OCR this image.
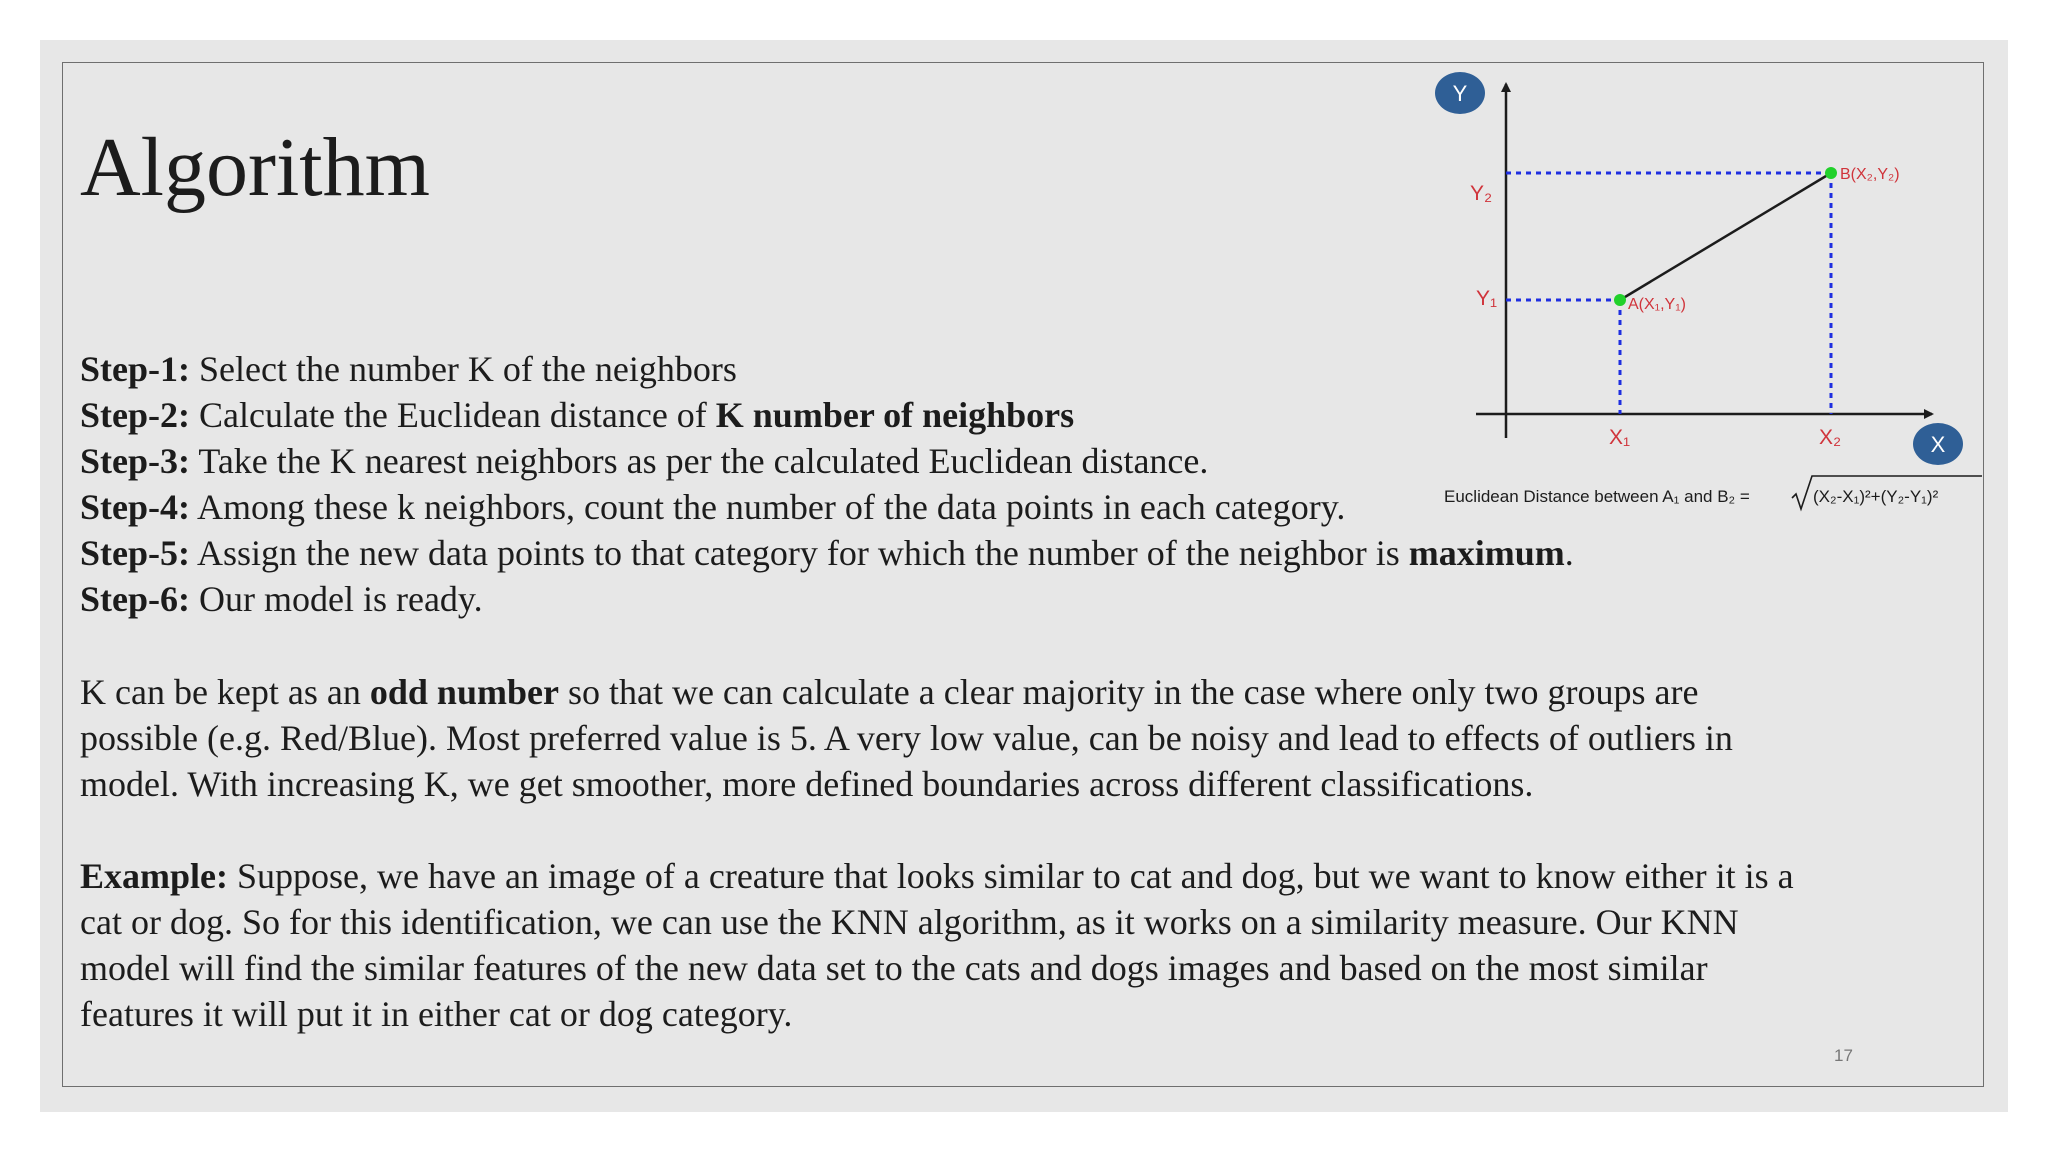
Algorithm
Step-1: Select the number K of the neighbors
Step-2: Calculate the Euclidean distance of K number of neighbors
Step-3: Take the K nearest neighbors as per the calculated Euclidean distance.
Step-4: Among these k neighbors, count the number of the data points in each category.
Step-5: Assign the new data points to that category for which the number of the neighbor is maximum.
Step-6: Our model is ready.
K can be kept as an odd number so that we can calculate a clear majority in the case where only two groups are
possible (e.g. Red/Blue). Most preferred value is 5. A very low value, can be noisy and lead to effects of outliers in
model. With increasing K, we get smoother, more defined boundaries across different classifications.
Example: Suppose, we have an image of a creature that looks similar to cat and dog, but we want to know either it is a
cat or dog. So for this identification, we can use the KNN algorithm, as it works on a similarity measure. Our KNN
model will find the similar features of the new data set to the cats and dogs images and based on the most similar
features it will put it in either cat or dog category.
17
Y
X
Y₂
Y₁
X₁	X₂
A(X₁,Y₁)
B(X₂,Y₂)
Euclidean Distance between A₁ and B₂ =	(X₂-X₁)²+(Y₂-Y₁)²
